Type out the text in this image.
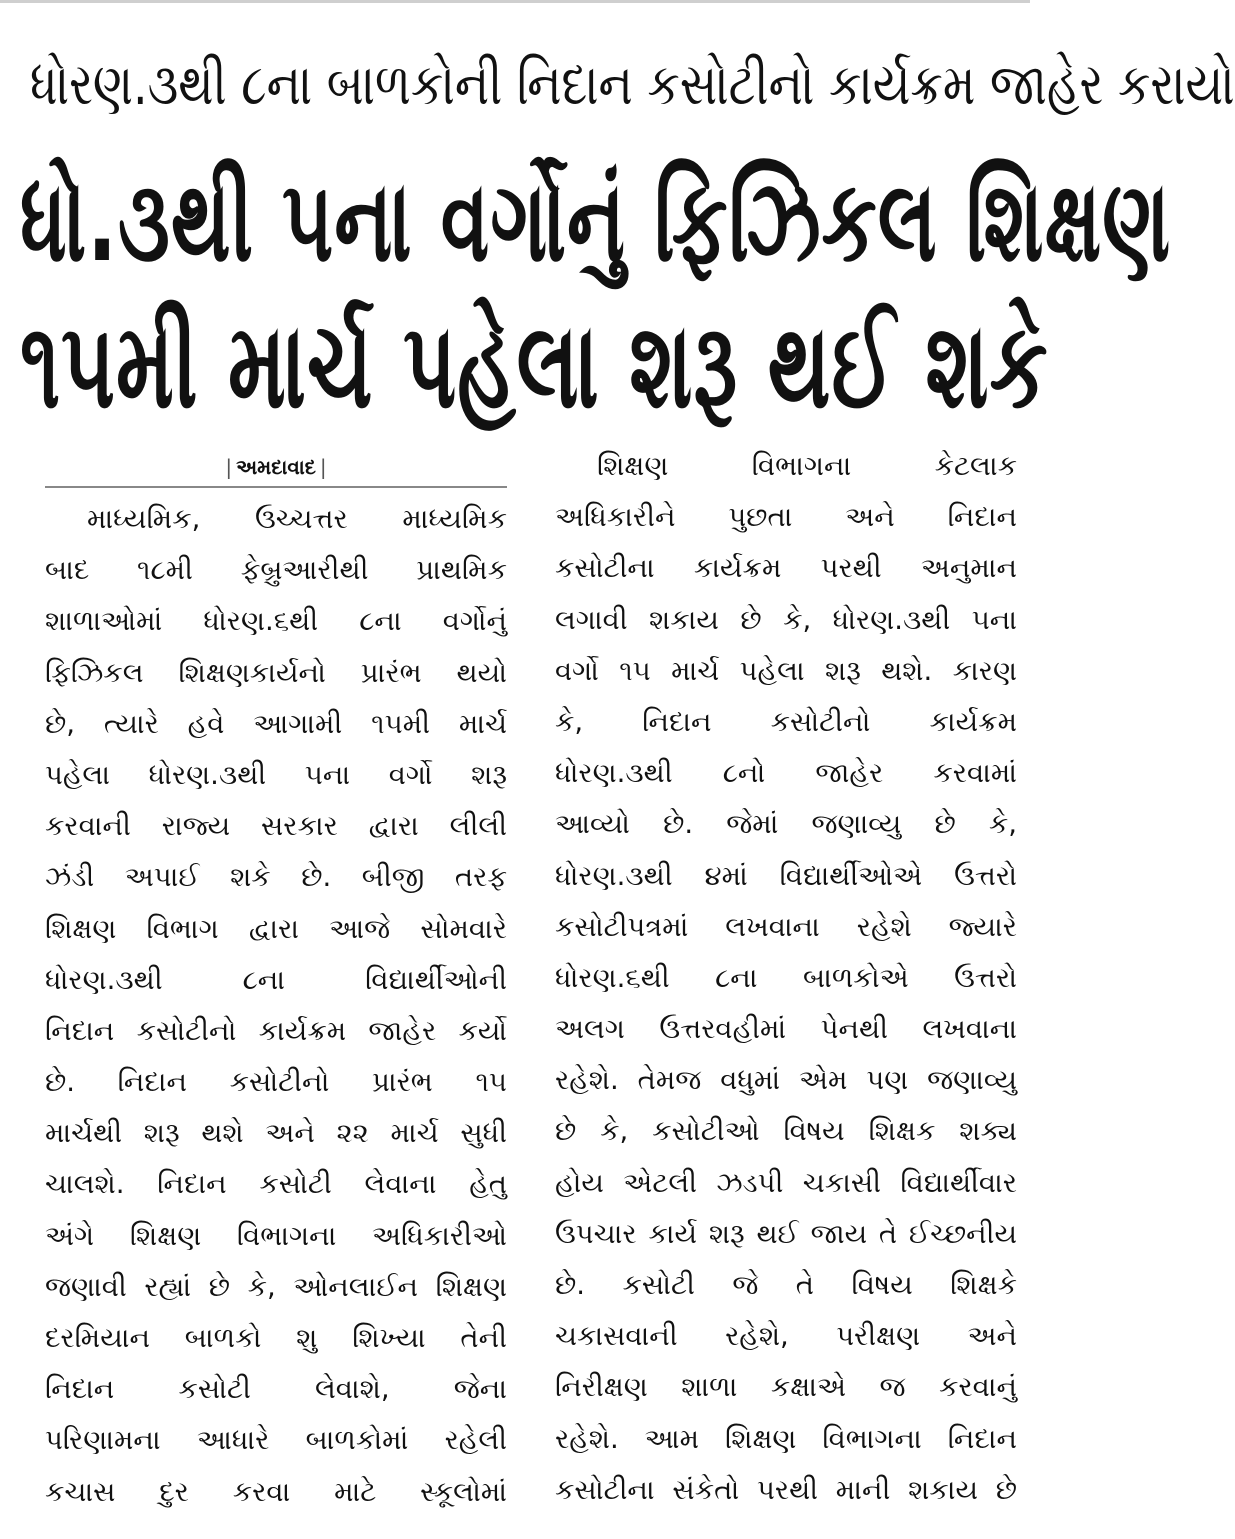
ધોરણ.૩થી ૮ના બાળકોની નિદાન કસોટીનો કાર્યક્રમ જાહેર કરાયો
ધો.૩થી ૫ના વર્ગોનું ફિઝિકલ શિક્ષણ
૧૫મી માર્ચ પહેલા શરૂ થઈ શકે
| અમદાવાદ |
માધ્યમિક, ઉચ્ચત્તર માધ્યમિક
બાદ ૧૮મી ફેબ્રુઆરીથી પ્રાથમિક
શાળાઓમાં ધોરણ.૬થી ૮ના વર્ગોનું
ફિઝિકલ શિક્ષણકાર્યનો પ્રારંભ થયો
છે, ત્યારે હવે આગામી ૧૫મી માર્ચ
પહેલા ધોરણ.૩થી ૫ના વર્ગો શરૂ
કરવાની રાજ્ય સરકાર દ્વારા લીલી
ઝંડી અપાઈ શકે છે. બીજી તરફ
શિક્ષણ વિભાગ દ્વારા આજે સોમવારે
ધોરણ.૩થી ૮ના વિદ્યાર્થીઓની
નિદાન કસોટીનો કાર્યક્રમ જાહેર કર્યો
છે. નિદાન કસોટીનો પ્રારંભ ૧૫
માર્ચથી શરૂ થશે અને ૨૨ માર્ચ સુધી
ચાલશે. નિદાન કસોટી લેવાના હેતુ
અંગે શિક્ષણ વિભાગના અધિકારીઓ
જણાવી રહ્યાં છે કે, ઓનલાઈન શિક્ષણ
દરમિયાન બાળકો શુ શિખ્યા તેની
નિદાન કસોટી લેવાશે, જેના
પરિણામના આધારે બાળકોમાં રહેલી
કચાસ દુર કરવા માટે સ્કૂલોમાં
શિક્ષણ વિભાગના કેટલાક
અધિકારીને પુછતા અને નિદાન
કસોટીના કાર્યક્રમ પરથી અનુમાન
લગાવી શકાય છે કે, ધોરણ.૩થી ૫ના
વર્ગો ૧૫ માર્ચ પહેલા શરૂ થશે. કારણ
કે, નિદાન કસોટીનો કાર્યક્રમ
ધોરણ.૩થી ૮નો જાહેર કરવામાં
આવ્યો છે. જેમાં જણાવ્યુ છે કે,
ધોરણ.૩થી ૪માં વિદ્યાર્થીઓએ ઉત્તરો
કસોટીપત્રમાં લખવાના રહેશે જ્યારે
ધોરણ.૬થી ૮ના બાળકોએ ઉત્તરો
અલગ ઉત્તરવહીમાં પેનથી લખવાના
રહેશે. તેમજ વધુમાં એમ પણ જણાવ્યુ
છે કે, કસોટીઓ વિષય શિક્ષક શક્ય
હોય એટલી ઝડપી ચકાસી વિદ્યાર્થીવાર
ઉપચાર કાર્ય શરૂ થઈ જાય તે ઈચ્છનીય
છે. કસોટી જે તે વિષય શિક્ષકે
ચકાસવાની રહેશે, પરીક્ષણ અને
નિરીક્ષણ શાળા કક્ષાએ જ કરવાનું
રહેશે. આમ શિક્ષણ વિભાગના નિદાન
કસોટીના સંકેતો પરથી માની શકાય છે
